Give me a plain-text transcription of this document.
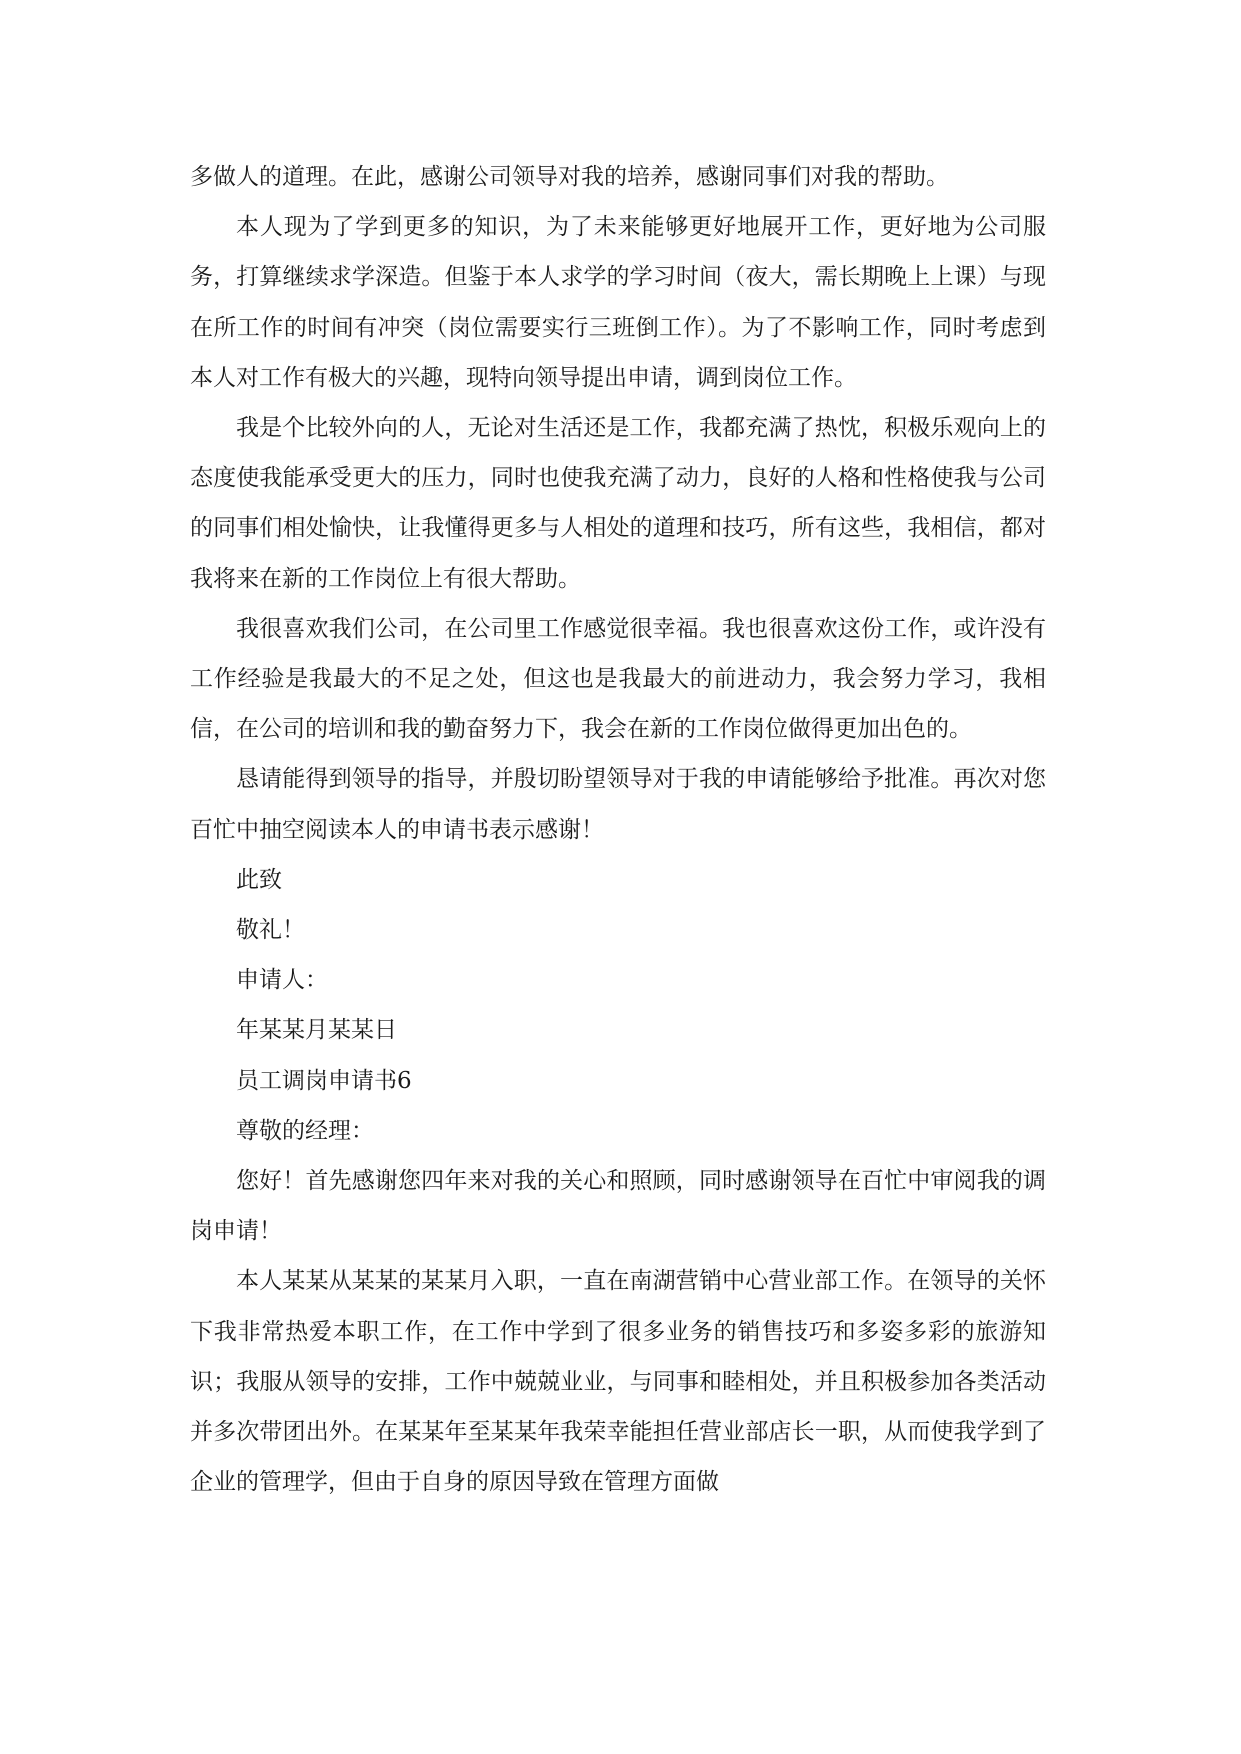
多做人的道理。在此，感谢公司领导对我的培养，感谢同事们对我的帮助。

本人现为了学到更多的知识，为了未来能够更好地展开工作，更好地为公司服务，打算继续求学深造。但鉴于本人求学的学习时间（夜大，需长期晚上上课）与现在所工作的时间有冲突（岗位需要实行三班倒工作）。为了不影响工作，同时考虑到本人对工作有极大的兴趣，现特向领导提出申请，调到岗位工作。

我是个比较外向的人，无论对生活还是工作，我都充满了热忱，积极乐观向上的态度使我能承受更大的压力，同时也使我充满了动力，良好的人格和性格使我与公司的同事们相处愉快，让我懂得更多与人相处的道理和技巧，所有这些，我相信，都对我将来在新的工作岗位上有很大帮助。

我很喜欢我们公司，在公司里工作感觉很幸福。我也很喜欢这份工作，或许没有工作经验是我最大的不足之处，但这也是我最大的前进动力，我会努力学习，我相信，在公司的培训和我的勤奋努力下，我会在新的工作岗位做得更加出色的。

恳请能得到领导的指导，并殷切盼望领导对于我的申请能够给予批准。再次对您百忙中抽空阅读本人的申请书表示感谢！

此致

敬礼！

申请人：

年某某月某某日

员工调岗申请书6

尊敬的经理：

您好！首先感谢您四年来对我的关心和照顾，同时感谢领导在百忙中审阅我的调岗申请！

本人某某从某某的某某月入职，一直在南湖营销中心营业部工作。在领导的关怀下我非常热爱本职工作，在工作中学到了很多业务的销售技巧和多姿多彩的旅游知识；我服从领导的安排，工作中兢兢业业，与同事和睦相处，并且积极参加各类活动并多次带团出外。在某某年至某某年我荣幸能担任营业部店长一职，从而使我学到了企业的管理学，但由于自身的原因导致在管理方面做
